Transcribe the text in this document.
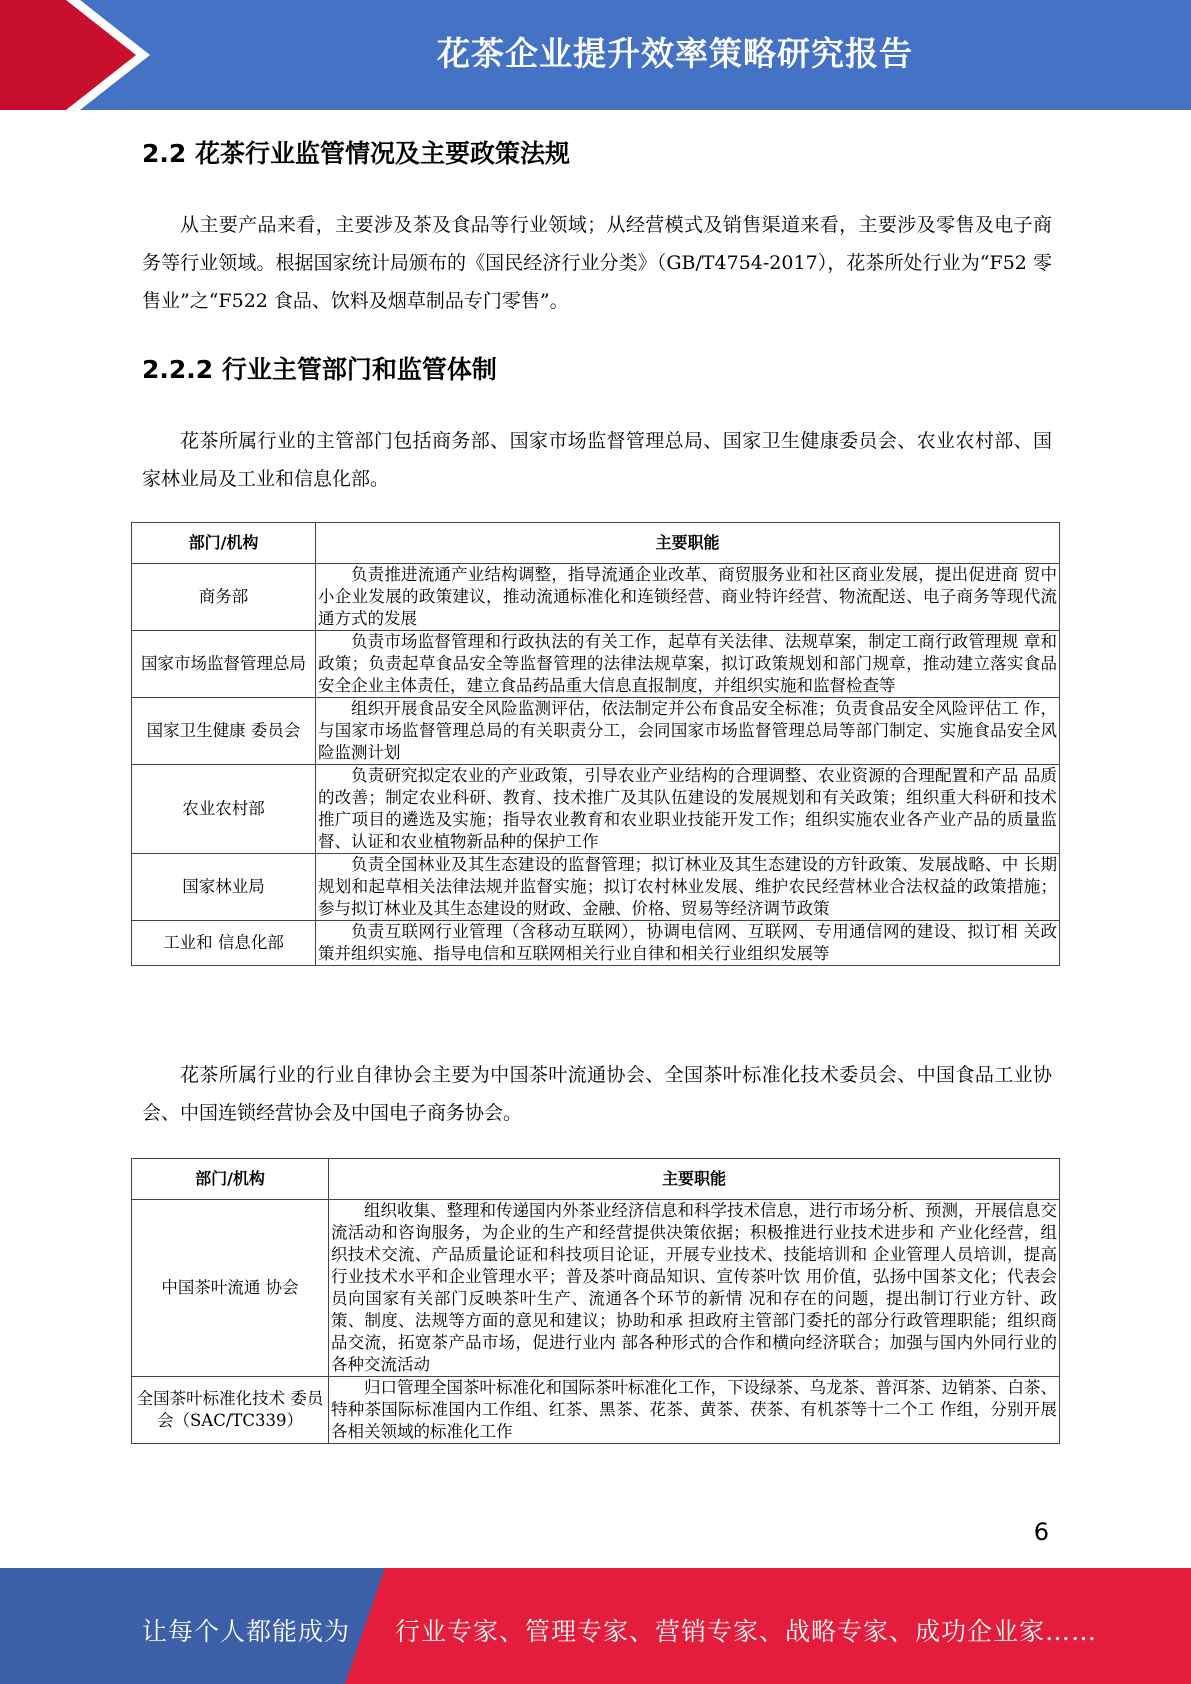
花茶企业提升效率策略研究报告
2.2 花茶行业监管情况及主要政策法规

从主要产品来看，主要涉及茶及食品等行业领域；从经营模式及销售渠道来看，主要涉及零售及电子商务等行业领域。根据国家统计局颁布的《国民经济行业分类》（GB/T4754-2017），花茶所处行业为“F52 零售业”之“F522 食品、饮料及烟草制品专门零售”。

2.2.2 行业主管部门和监管体制

花茶所属行业的主管部门包括商务部、国家市场监督管理总局、国家卫生健康委员会、农业农村部、国家林业局及工业和信息化部。

部门/机构	主要职能
商务部	负责推进流通产业结构调整，指导流通企业改革、商贸服务业和社区商业发展，提出促进商 贸中小企业发展的政策建议，推动流通标准化和连锁经营、商业特许经营、物流配送、电子商务等现代流通方式的发展
国家市场监督管理总局	负责市场监督管理和行政执法的有关工作，起草有关法律、法规草案，制定工商行政管理规 章和政策；负责起草食品安全等监督管理的法律法规草案，拟订政策规划和部门规章，推动建立落实食品安全企业主体责任，建立食品药品重大信息直报制度，并组织实施和监督检查等
国家卫生健康 委员会	组织开展食品安全风险监测评估，依法制定并公布食品安全标准；负责食品安全风险评估工 作，与国家市场监督管理总局的有关职责分工，会同国家市场监督管理总局等部门制定、实施食品安全风险监测计划
农业农村部	负责研究拟定农业的产业政策，引导农业产业结构的合理调整、农业资源的合理配置和产品 品质的改善；制定农业科研、教育、技术推广及其队伍建设的发展规划和有关政策；组织重大科研和技术推广项目的遴选及实施；指导农业教育和农业职业技能开发工作；组织实施农业各产业产品的质量监督、认证和农业植物新品种的保护工作
国家林业局	负责全国林业及其生态建设的监督管理；拟订林业及其生态建设的方针政策、发展战略、中 长期规划和起草相关法律法规并监督实施；拟订农村林业发展、维护农民经营林业合法权益的政策措施；参与拟订林业及其生态建设的财政、金融、价格、贸易等经济调节政策
工业和 信息化部	负责互联网行业管理（含移动互联网），协调电信网、互联网、专用通信网的建设、拟订相 关政策并组织实施、指导电信和互联网相关行业自律和相关行业组织发展等

花茶所属行业的行业自律协会主要为中国茶叶流通协会、全国茶叶标准化技术委员会、中国食品工业协会、中国连锁经营协会及中国电子商务协会。

部门/机构	主要职能
中国茶叶流通 协会	组织收集、整理和传递国内外茶业经济信息和科学技术信息，进行市场分析、预测，开展信息交流活动和咨询服务，为企业的生产和经营提供决策依据；积极推进行业技术进步和 产业化经营，组织技术交流、产品质量论证和科技项目论证，开展专业技术、技能培训和 企业管理人员培训，提高行业技术水平和企业管理水平；普及茶叶商品知识、宣传茶叶饮 用价值，弘扬中国茶文化；代表会员向国家有关部门反映茶叶生产、流通各个环节的新情 况和存在的问题，提出制订行业方针、政策、制度、法规等方面的意见和建议；协助和承 担政府主管部门委托的部分行政管理职能；组织商品交流，拓宽茶产品市场，促进行业内 部各种形式的合作和横向经济联合；加强与国内外同行业的各种交流活动
全国茶叶标准化技术 委员会（SAC/TC339）	归口管理全国茶叶标准化和国际茶叶标准化工作，下设绿茶、乌龙茶、普洱茶、边销茶、白茶、特种茶国际标准国内工作组、红茶、黑茶、花茶、黄茶、茯茶、有机茶等十二个工 作组，分别开展各相关领域的标准化工作
6
让每个人都能成为 行业专家、管理专家、营销专家、战略专家、成功企业家……
